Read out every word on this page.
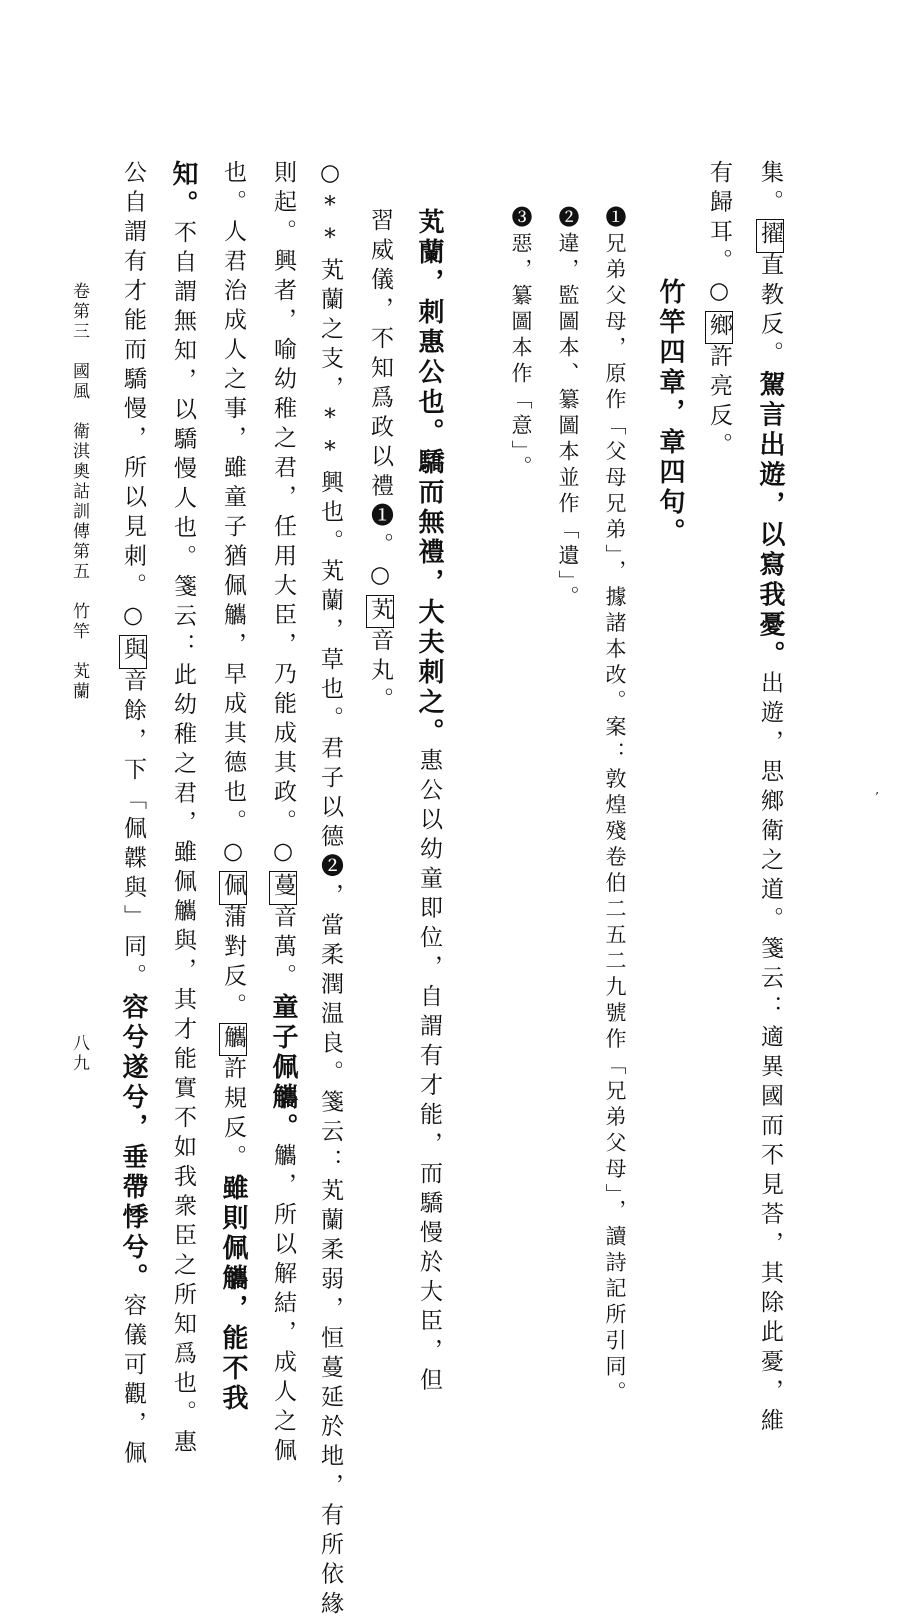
集。擢直教反。駕言出遊，以寫我憂。出遊，思鄉衛之道。箋云：適異國而不見荅，其除此憂，維
有歸耳。○鄉許亮反。
竹竿四章，章四句。
❶兄弟父母，原作「父母兄弟」，據諸本改。案：敦煌殘卷伯二五二九號作「兄弟父母」，讀詩記所引同。
❷違，監圖本、纂圖本並作「遺」。
❸惡，纂圖本作「意」。
芄蘭，刺惠公也。驕而無禮，大夫刺之。惠公以幼童即位，自謂有才能，而驕慢於大臣，但
習威儀，不知爲政以禮❶。○芄音丸。
○**芄蘭之支，**興也。芄蘭，草也。君子以德❷，當柔潤温良。箋云：芄蘭柔弱，恒蔓延於地，有所依緣
則起。興者，喻幼稚之君，任用大臣，乃能成其政。○蔓音萬。童子佩觿。觿，所以解結，成人之佩
也。人君治成人之事，雖童子猶佩觿，早成其德也。○佩蒲對反。觿許規反。雖則佩觿，能不我
知。不自謂無知，以驕慢人也。箋云：此幼稚之君，雖佩觿與，其才能實不如我衆臣之所知爲也。惠
公自謂有才能而驕慢，所以見刺。○與音餘，下「佩韘與」同。容兮遂兮，垂帶悸兮。容儀可觀，佩
卷第三　國風　衛淇奧詁訓傳第五　竹竿　芄蘭
八九
’
